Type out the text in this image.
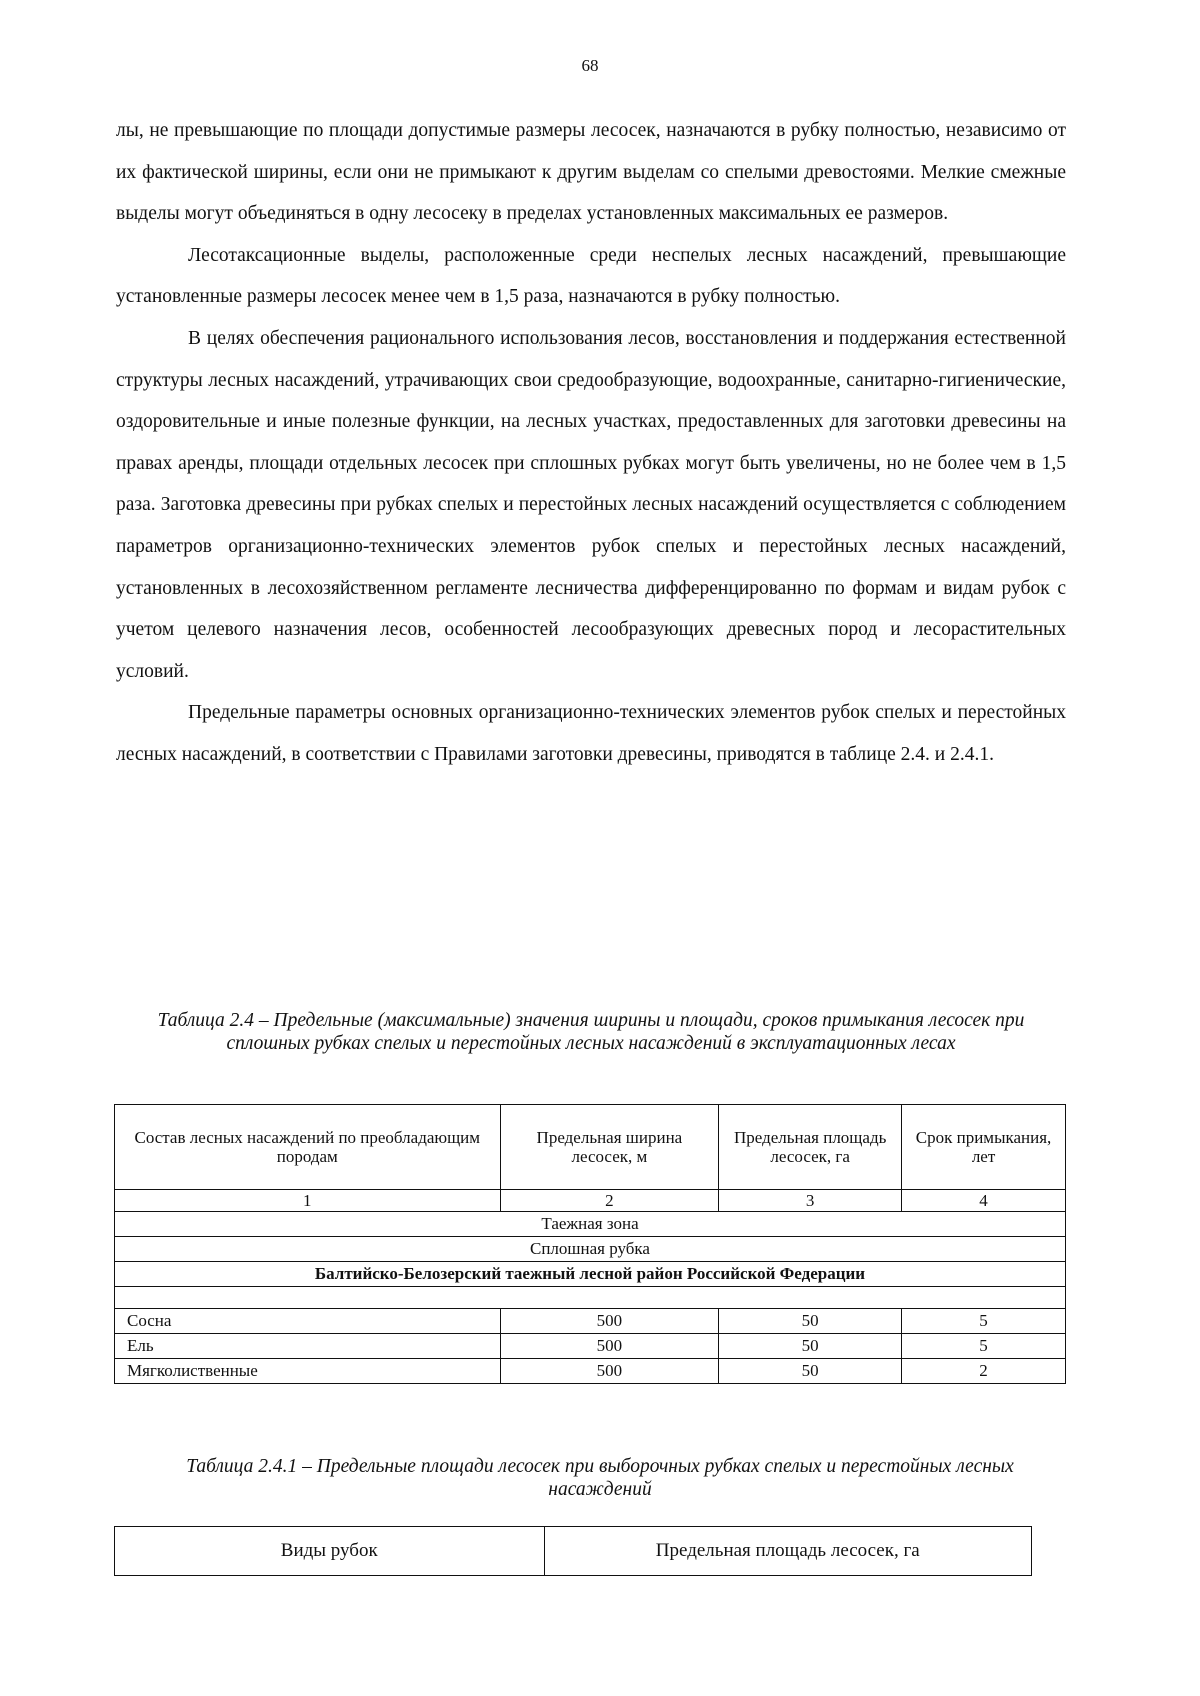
68

лы, не превышающие по площади допустимые размеры лесосек, назначаются в рубку полностью, независимо от их фактической ширины, если они не примыкают к другим выделам со спелыми древостоями. Мелкие смежные выделы могут объединяться в одну лесосеку в пределах установленных максимальных ее размеров.

Лесотаксационные выделы, расположенные среди неспелых лесных насаждений, превышающие установленные размеры лесосек менее чем в 1,5 раза, назначаются в рубку полностью.

В целях обеспечения рационального использования лесов, восстановления и поддержания естественной структуры лесных насаждений, утрачивающих свои средообразующие, водоохранные, санитарно-гигиенические, оздоровительные и иные полезные функции, на лесных участках, предоставленных для заготовки древесины на правах аренды, площади отдельных лесосек при сплошных рубках могут быть увеличены, но не более чем в 1,5 раза. Заготовка древесины при рубках спелых и перестойных лесных насаждений осуществляется с соблюдением параметров организационно-технических элементов рубок спелых и перестойных лесных насаждений, установленных в лесохозяйственном регламенте лесничества дифференцированно по формам и видам рубок с учетом целевого назначения лесов, особенностей лесообразующих древесных пород и лесорастительных условий.

Предельные параметры основных организационно-технических элементов рубок спелых и перестойных лесных насаждений, в соответствии с Правилами заготовки древесины, приводятся в таблице 2.4. и 2.4.1.

Таблица 2.4 – Предельные (максимальные) значения ширины и площади, сроков примыкания лесосек при сплошных рубках спелых и перестойных лесных насаждений в эксплуатационных лесах
Состав лесных насаждений по преобладающим породам	Предельная ширина лесосек, м	Предельная площадь лесосек, га	Срок примыкания, лет
1	2	3	4
Таежная зона			
Сплошная рубка			
Балтийско-Белозерский таежный лесной район Российской Федерации			

Сосна	500	50	5
Ель	500	50	5
Мягколиственные	500	50	2
Таблица 2.4.1 – Предельные площади лесосек при выборочных рубках спелых и перестойных лесных насаждений
Виды рубок	Предельная площадь лесосек, га
